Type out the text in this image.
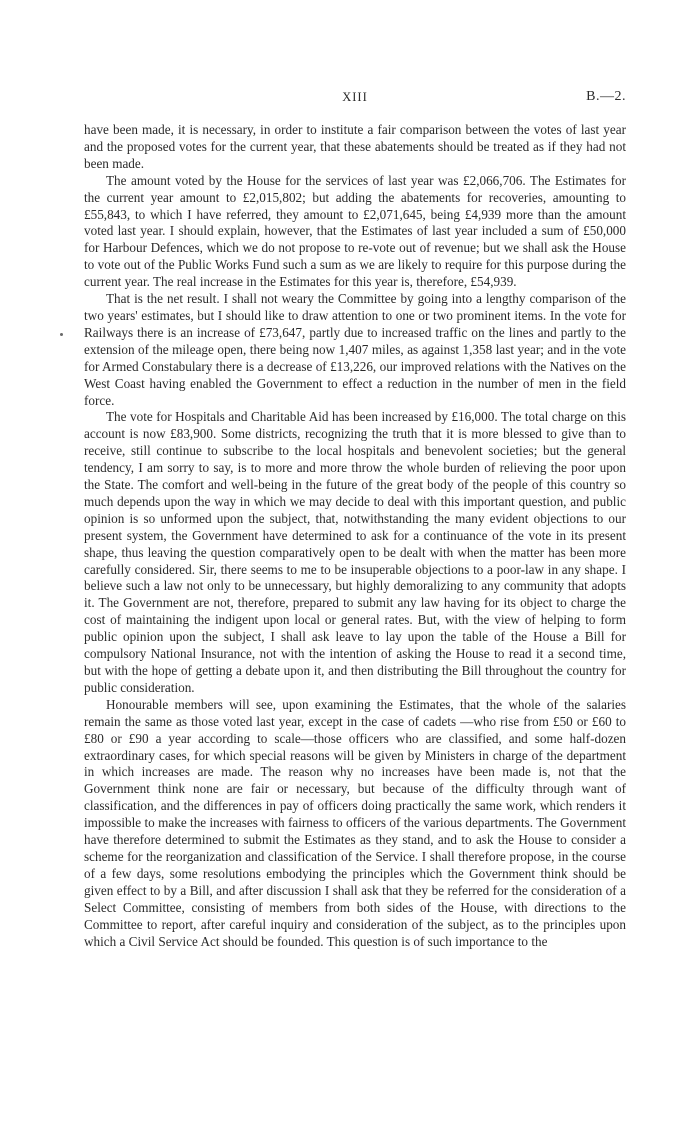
XIII	B.—2.

have been made, it is necessary, in order to institute a fair comparison between the votes of last year and the proposed votes for the current year, that these abatements should be treated as if they had not been made.

The amount voted by the House for the services of last year was £2,066,706. The Estimates for the current year amount to £2,015,802; but adding the abatements for recoveries, amounting to £55,843, to which I have referred, they amount to £2,071,645, being £4,939 more than the amount voted last year. I should explain, however, that the Estimates of last year included a sum of £50,000 for Harbour Defences, which we do not propose to re-vote out of revenue; but we shall ask the House to vote out of the Public Works Fund such a sum as we are likely to require for this purpose during the current year. The real increase in the Estimates for this year is, therefore, £54,939.

That is the net result. I shall not weary the Committee by going into a lengthy comparison of the two years' estimates, but I should like to draw attention to one or two prominent items. In the vote for Railways there is an increase of £73,647, partly due to increased traffic on the lines and partly to the extension of the mileage open, there being now 1,407 miles, as against 1,358 last year; and in the vote for Armed Constabulary there is a decrease of £13,226, our improved relations with the Natives on the West Coast having enabled the Government to effect a reduction in the number of men in the field force.

The vote for Hospitals and Charitable Aid has been increased by £16,000. The total charge on this account is now £83,900. Some districts, recognizing the truth that it is more blessed to give than to receive, still continue to subscribe to the local hospitals and benevolent societies; but the general tendency, I am sorry to say, is to more and more throw the whole burden of relieving the poor upon the State. The comfort and well-being in the future of the great body of the people of this country so much depends upon the way in which we may decide to deal with this important question, and public opinion is so unformed upon the subject, that, notwithstanding the many evident objections to our present system, the Government have determined to ask for a continuance of the vote in its present shape, thus leaving the question comparatively open to be dealt with when the matter has been more carefully considered. Sir, there seems to me to be insuperable objections to a poor-law in any shape. I believe such a law not only to be unnecessary, but highly demoralizing to any community that adopts it. The Government are not, therefore, prepared to submit any law having for its object to charge the cost of maintaining the indigent upon local or general rates. But, with the view of helping to form public opinion upon the subject, I shall ask leave to lay upon the table of the House a Bill for compulsory National Insurance, not with the intention of asking the House to read it a second time, but with the hope of getting a debate upon it, and then distributing the Bill throughout the country for public consideration.

Honourable members will see, upon examining the Estimates, that the whole of the salaries remain the same as those voted last year, except in the case of cadets —who rise from £50 or £60 to £80 or £90 a year according to scale—those officers who are classified, and some half-dozen extraordinary cases, for which special reasons will be given by Ministers in charge of the department in which increases are made. The reason why no increases have been made is, not that the Government think none are fair or necessary, but because of the difficulty through want of classification, and the differences in pay of officers doing practically the same work, which renders it impossible to make the increases with fairness to officers of the various departments. The Government have therefore determined to submit the Estimates as they stand, and to ask the House to consider a scheme for the reorganization and classification of the Service. I shall therefore propose, in the course of a few days, some resolutions embodying the principles which the Government think should be given effect to by a Bill, and after discussion I shall ask that they be referred for the consideration of a Select Committee, consisting of members from both sides of the House, with directions to the Committee to report, after careful inquiry and consideration of the subject, as to the principles upon which a Civil Service Act should be founded. This question is of such importance to the
